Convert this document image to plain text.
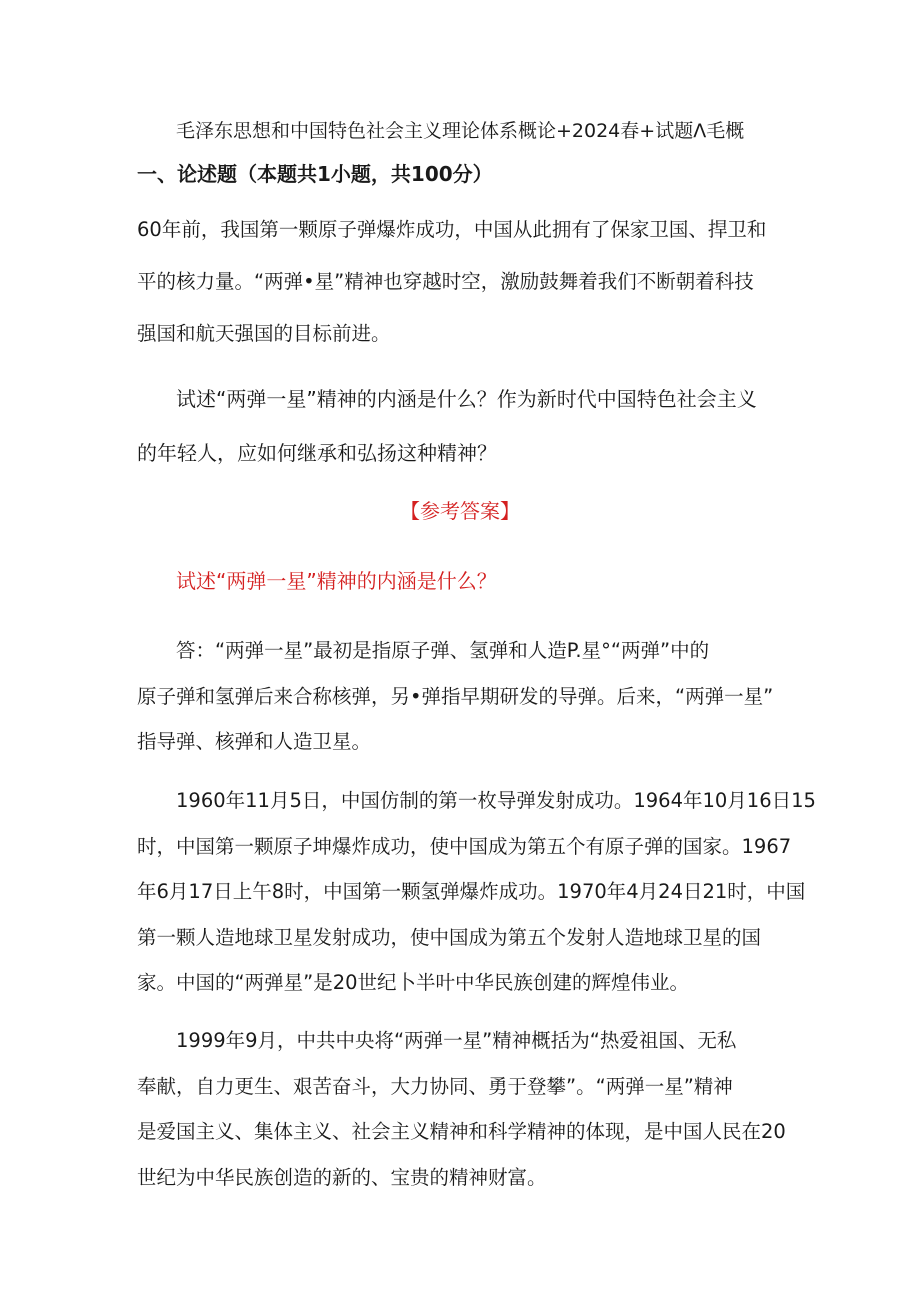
毛泽东思想和中国特色社会主义理论体系概论+2024春+试题Λ毛概
一、论述题（本题共1小题，共100分）

60年前，我国第一颗原子弹爆炸成功，中国从此拥有了保家卫国、捍卫和
平的核力量。“两弹•星”精神也穿越时空，激励鼓舞着我们不断朝着科技
强国和航天强国的目标前进。

试述“两弹一星”精神的内涵是什么？作为新时代中国特色社会主义
的年轻人，应如何继承和弘扬这种精神？

【参考答案】
试述“两弹一星”精神的内涵是什么？

答：“两弹一星”最初是指原子弹、氢弹和人造P.星°“两弹”中的
原子弹和氢弹后来合称核弹，另•弹指早期研发的导弹。后来，“两弹一星”
指导弹、核弹和人造卫星。

1960年11月5日，中国仿制的第一枚导弹发射成功。1964年10月16日15
时，中国第一颗原子坤爆炸成功，使中国成为第五个有原子弹的国家。1967
年6月17日上午8时，中国第一颗氢弹爆炸成功。1970年4月24日21时，中国
第一颗人造地球卫星发射成功，使中国成为第五个发射人造地球卫星的国
家。中国的“两弹星”是20世纪卜半叶中华民族创建的辉煌伟业。

1999年9月，中共中央将“两弹一星”精神概括为“热爱祖国、无私
奉献，自力更生、艰苦奋斗，大力协同、勇于登攀”。“两弹一星”精神
是爱国主义、集体主义、社会主义精神和科学精神的体现，是中国人民在20
世纪为中华民族创造的新的、宝贵的精神财富。
